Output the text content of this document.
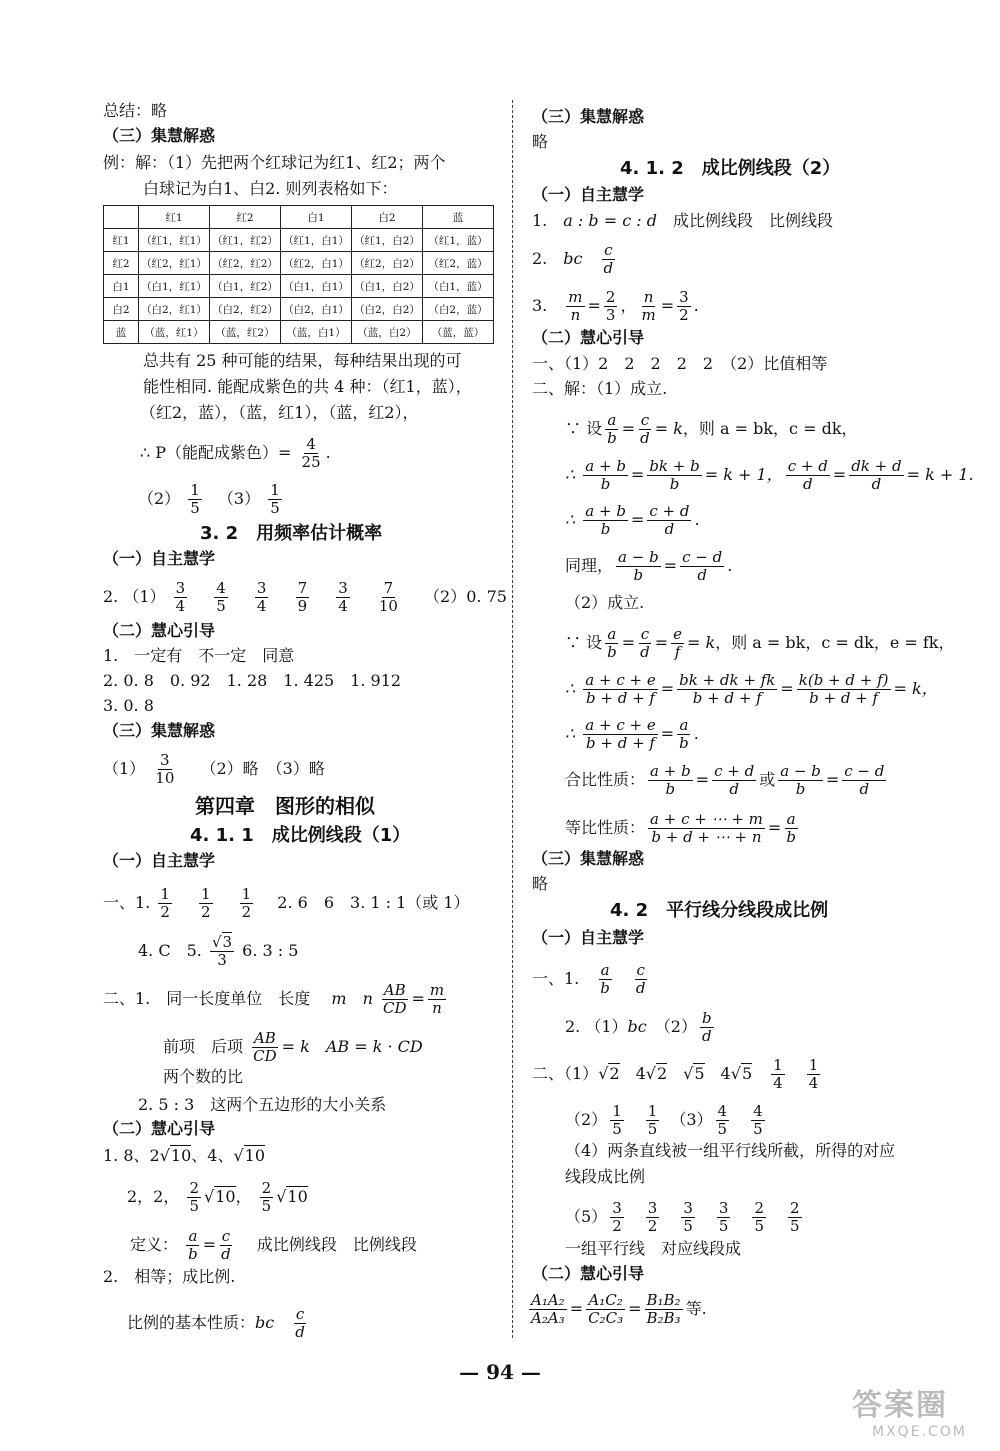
总结：略
（三）集慧解惑
例：解：（1）先把两个红球记为红1、红2；两个
白球记为白1、白2. 则列表格如下：
	红1	红2	白1	白2	蓝
红1	（红1，红1）	（红1，红2）	（红1，白1）	（红1，白2）	（红1，蓝）
红2	（红2，红1）	（红2，红2）	（红2，白1）	（红2，白2）	（红2，蓝）
白1	（白1，红1）	（白1，红2）	（白1，白1）	（白1，白2）	（白1，蓝）
白2	（白2，红1）	（白2，红2）	（白2，白1）	（白2，白2）	（白2，蓝）
蓝	（蓝，红1）	（蓝，红2）	（蓝，白1）	（蓝，白2）	（蓝，蓝）
总共有 25 种可能的结果，每种结果出现的可
能性相同. 能配成紫色的共 4 种：（红1，蓝），
（红2，蓝），（蓝，红1），（蓝，红2），
∴ P（能配成紫色）= $\frac{4}{25}$ .
$(2) \frac{1}{5}$
　 $(3) \frac{1}{5}$
3. 2　用频率估计概率
（一）自主慧学
2. $(1) \frac{3}{4}$
　 $\frac{4}{5}$
　 $\frac{3}{4}$
　 $\frac{7}{9}$
　 $\frac{3}{4}$
　 $\frac{7}{10}$
　 （2）0. 75
（二）慧心引导
1.　一定有　不一定　同意
2. 0. 8　0. 92　1. 28　1. 425　1. 912
3. 0. 8
（三）集慧解惑
$(1) \frac{3}{10}$
　 （2）略　（3）略
第四章　图形的相似
4. 1. 1　成比例线段（1）
（一）自主慧学
一、1. $\frac{1}{2}$
　 $\frac{1}{2}$
　 $\frac{1}{2}$
　 2. 6　6　3. 1 : 1（或 1）
4. C　5. $\frac{√3}{3} 6$. 3 : 5
二、1.　同一长度单位　长度 　 m　 n $\frac{AB}{CD} = \frac{m}{n}$
前项　后项 $\frac{AB}{CD} = k$　AB = k · CD
两个数的比
2. 5 : 3　这两个五边形的大小关系
（二）慧心引导
1. 8、2√10、4、√10
2，2， $\frac{2}{5} √10$， $\frac{2}{5} √10$
定义： $\frac{a}{b} = \frac{c}{d}$
　 成比例线段　比例线段
2.　相等；成比例.
比例的基本性质：bc　 $\frac{c}{d}$
（三）集慧解惑
略
4. 1. 2　成比例线段（2）
（一）自主慧学
1.　a : b = c : d　 成比例线段　比例线段
2.　bc　 $\frac{c}{d}$
3.　 $\frac{m}{n} = \frac{2}{3}$ ， $\frac{n}{m} = \frac{3}{2}$ .
（二）慧心引导
一、（1）2　2　2　2　2　（2）比值相等
二、解：（1）成立.
∵ 设 $\frac{a}{b} = \frac{c}{d} = k$，则 a = bk，c = dk，
∴ $\frac{a + b}{b} = \frac{bk + b}{b} = k + 1$， $\frac{c + d}{d} = \frac{dk + d}{d} = k + 1$.
∴ $\frac{a + b}{b} = \frac{c + d}{d}$ .
同理， $\frac{a - b}{b} = \frac{c - d}{d}$ .
（2）成立.
∵ 设 $\frac{a}{b} = \frac{c}{d} = \frac{e}{f} = k$，则 a = bk，c = dk，e = fk，
∴ $\frac{a + c + e}{b + d + f} = \frac{bk + dk + fk}{b + d + f} = \frac{k(b + d + f)}{b + d + f} = k$，
∴ $\frac{a + c + e}{b + d + f} = \frac{a}{b}$ .
合比性质： $\frac{a + b}{b} = \frac{c + d}{d}$ 或 $\frac{a - b}{b} = \frac{c - d}{d}$
等比性质： $\frac{a + c + \cdots + m}{b + d + \cdots + n} = \frac{a}{b}$
（三）集慧解惑
略
4. 2　平行线分线段成比例
（一）自主慧学
一、1.　 $\frac{a}{b}$
　 $\frac{c}{d}$
2. （1）bc　 $(2) \frac{b}{d}$
二、（1）√2　4√2　√5　4√5　 $\frac{1}{4}$
　 $\frac{1}{4}$
$(2) \frac{1}{5}$
　 $\frac{1}{5}$
　 $(3) \frac{4}{5}$
　 $\frac{4}{5}$
（4）两条直线被一组平行线所截，所得的对应
线段成比例
$(5) \frac{3}{2}$
　 $\frac{3}{2}$
　 $\frac{3}{5}$
　 $\frac{3}{5}$
　 $\frac{2}{5}$
　 $\frac{2}{5}$
一组平行线　对应线段成
（二）慧心引导
$\frac{\text{A₁A₂}}{\text{A₂A₃}} = \frac{\text{A₁C₂}}{\text{C₂C₃}} = \frac{\text{B₁B₂}}{\text{B₂B₃}}$ 等.
— 94 —
答案圈
MXQE.COM
